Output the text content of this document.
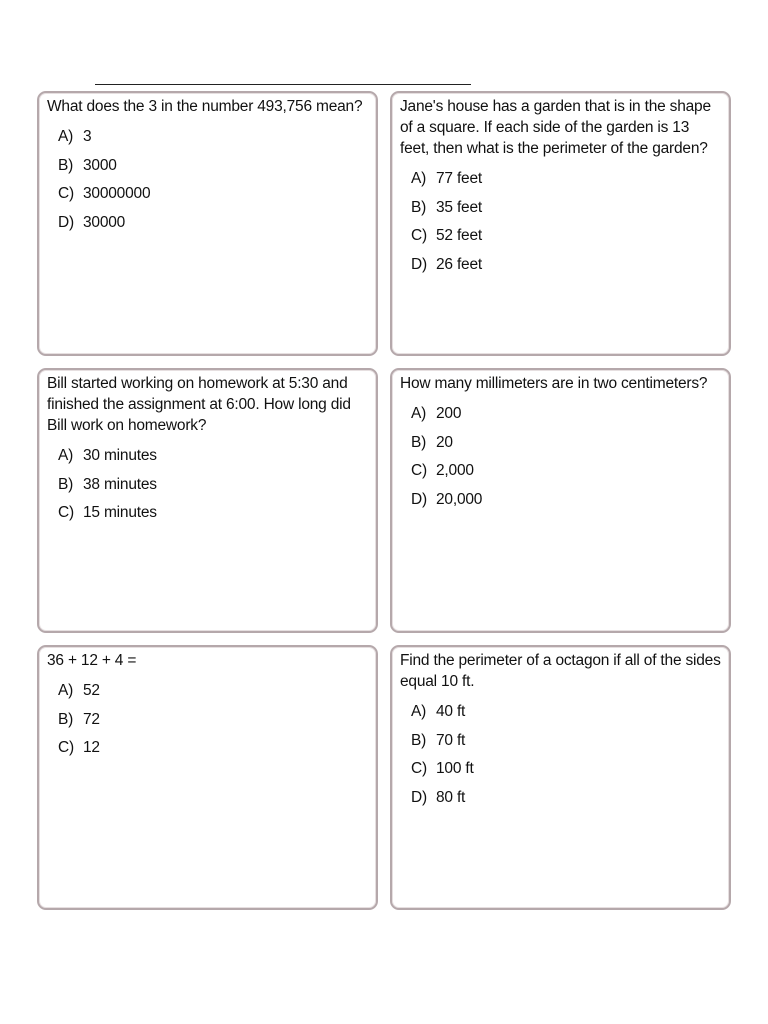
What does the 3 in the number 493,756 mean?

A) 3
B) 3000
C) 30000000
D) 30000

Jane's house has a garden that is in the shape of a square. If each side of the garden is 13 feet, then what is the perimeter of the garden?

A) 77 feet
B) 35 feet
C) 52 feet
D) 26 feet

Bill started working on homework at 5:30 and finished the assignment at 6:00. How long did Bill work on homework?

A) 30 minutes
B) 38 minutes
C) 15 minutes

How many millimeters are in two centimeters?

A) 200
B) 20
C) 2,000
D) 20,000

36 + 12 + 4 =

A) 52
B) 72
C) 12

Find the perimeter of a octagon if all of the sides equal 10 ft.

A) 40 ft
B) 70 ft
C) 100 ft
D) 80 ft
